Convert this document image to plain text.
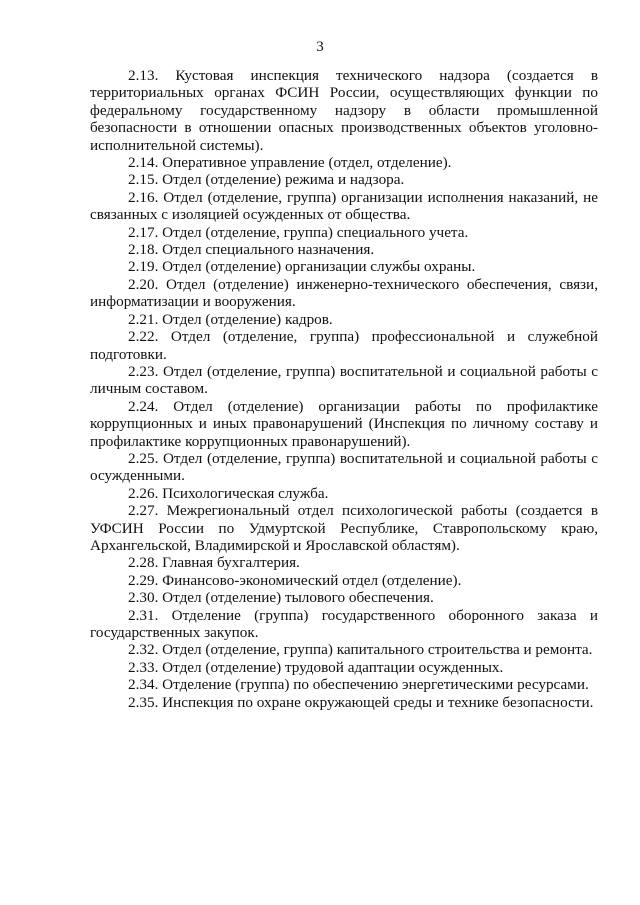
3

2.13. Кустовая инспекция технического надзора (создается в территориальных органах ФСИН России, осуществляющих функции по федеральному государственному надзору в области промышленной безопасности в отношении опасных производственных объектов уголовно-исполнительной системы).

2.14. Оперативное управление (отдел, отделение).

2.15. Отдел (отделение) режима и надзора.

2.16. Отдел (отделение, группа) организации исполнения наказаний, не связанных с изоляцией осужденных от общества.

2.17. Отдел (отделение, группа) специального учета.

2.18. Отдел специального назначения.

2.19. Отдел (отделение) организации службы охраны.

2.20. Отдел (отделение) инженерно-технического обеспечения, связи, информатизации и вооружения.

2.21. Отдел (отделение) кадров.

2.22. Отдел (отделение, группа) профессиональной и служебной подготовки.

2.23. Отдел (отделение, группа) воспитательной и социальной работы с личным составом.

2.24. Отдел (отделение) организации работы по профилактике коррупционных и иных правонарушений (Инспекция по личному составу и профилактике коррупционных правонарушений).

2.25. Отдел (отделение, группа) воспитательной и социальной работы с осужденными.

2.26. Психологическая служба.

2.27. Межрегиональный отдел психологической работы (создается в УФСИН России по Удмуртской Республике, Ставропольскому краю, Архангельской, Владимирской и Ярославской областям).

2.28. Главная бухгалтерия.

2.29. Финансово-экономический отдел (отделение).

2.30. Отдел (отделение) тылового обеспечения.

2.31. Отделение (группа) государственного оборонного заказа и государственных закупок.

2.32. Отдел (отделение, группа) капитального строительства и ремонта.

2.33. Отдел (отделение) трудовой адаптации осужденных.

2.34. Отделение (группа) по обеспечению энергетическими ресурсами.

2.35. Инспекция по охране окружающей среды и технике безопасности.
